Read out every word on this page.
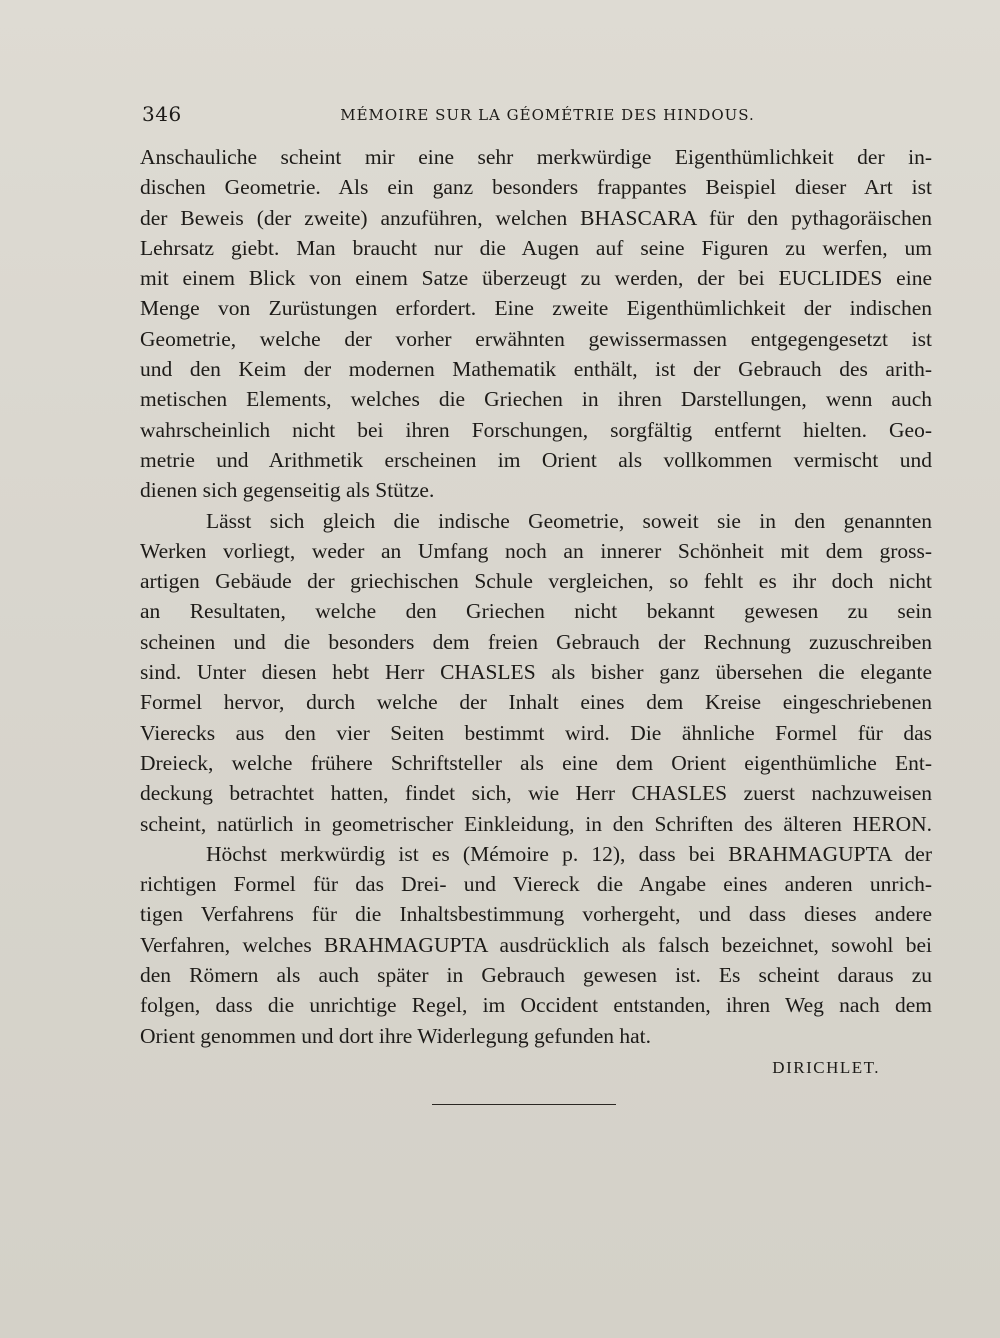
346	MÉMOIRE SUR LA GÉOMÉTRIE DES HINDOUS.
Anschauliche scheint mir eine sehr merkwürdige Eigenthümlichkeit der in-
dischen Geometrie. Als ein ganz besonders frappantes Beispiel dieser Art ist
der Beweis (der zweite) anzuführen, welchen BHASCARA für den pythagoräischen
Lehrsatz giebt. Man braucht nur die Augen auf seine Figuren zu werfen, um
mit einem Blick von einem Satze überzeugt zu werden, der bei EUCLIDES eine
Menge von Zurüstungen erfordert. Eine zweite Eigenthümlichkeit der indischen
Geometrie, welche der vorher erwähnten gewissermassen entgegengesetzt ist
und den Keim der modernen Mathematik enthält, ist der Gebrauch des arith-
metischen Elements, welches die Griechen in ihren Darstellungen, wenn auch
wahrscheinlich nicht bei ihren Forschungen, sorgfältig entfernt hielten. Geo-
metrie und Arithmetik erscheinen im Orient als vollkommen vermischt und
dienen sich gegenseitig als Stütze.
Lässt sich gleich die indische Geometrie, soweit sie in den genannten
Werken vorliegt, weder an Umfang noch an innerer Schönheit mit dem gross-
artigen Gebäude der griechischen Schule vergleichen, so fehlt es ihr doch nicht
an Resultaten, welche den Griechen nicht bekannt gewesen zu sein
scheinen und die besonders dem freien Gebrauch der Rechnung zuzuschreiben
sind. Unter diesen hebt Herr CHASLES als bisher ganz übersehen die elegante
Formel hervor, durch welche der Inhalt eines dem Kreise eingeschriebenen
Vierecks aus den vier Seiten bestimmt wird. Die ähnliche Formel für das
Dreieck, welche frühere Schriftsteller als eine dem Orient eigenthümliche Ent-
deckung betrachtet hatten, findet sich, wie Herr CHASLES zuerst nachzuweisen
scheint, natürlich in geometrischer Einkleidung, in den Schriften des älteren HERON.
Höchst merkwürdig ist es (Mémoire p. 12), dass bei BRAHMAGUPTA der
richtigen Formel für das Drei- und Viereck die Angabe eines anderen unrich-
tigen Verfahrens für die Inhaltsbestimmung vorhergeht, und dass dieses andere
Verfahren, welches BRAHMAGUPTA ausdrücklich als falsch bezeichnet, sowohl bei
den Römern als auch später in Gebrauch gewesen ist. Es scheint daraus zu
folgen, dass die unrichtige Regel, im Occident entstanden, ihren Weg nach dem
Orient genommen und dort ihre Widerlegung gefunden hat.
DIRICHLET.
